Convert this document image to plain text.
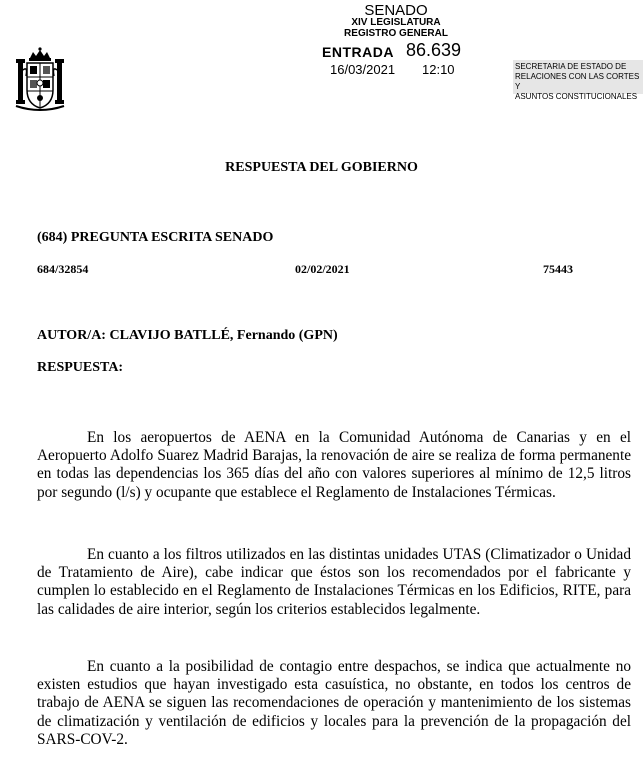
SENADO
XIV LEGISLATURA
REGISTRO GENERAL
ENTRADA 86.639
16/03/2021 12:10	SECRETARIA DE ESTADO DE
RELACIONES CON LAS CORTES Y
ASUNTOS CONSTITUCIONALES
RESPUESTA DEL GOBIERNO
(684) PREGUNTA ESCRITA SENADO
684/32854	02/02/2021	75443
AUTOR/A: CLAVIJO BATLLÉ, Fernando (GPN)
RESPUESTA:
En los aeropuertos de AENA en la Comunidad Autónoma de Canarias y en el Aeropuerto Adolfo Suarez Madrid Barajas, la renovación de aire se realiza de forma permanente en todas las dependencias los 365 días del año con valores superiores al mínimo de 12,5 litros por segundo (l/s) y ocupante que establece el Reglamento de Instalaciones Térmicas.
En cuanto a los filtros utilizados en las distintas unidades UTAS (Climatizador o Unidad de Tratamiento de Aire), cabe indicar que éstos son los recomendados por el fabricante y cumplen lo establecido en el Reglamento de Instalaciones Térmicas en los Edificios, RITE, para las calidades de aire interior, según los criterios establecidos legalmente.
En cuanto a la posibilidad de contagio entre despachos, se indica que actualmente no existen estudios que hayan investigado esta casuística, no obstante, en todos los centros de trabajo de AENA se siguen las recomendaciones de operación y mantenimiento de los sistemas de climatización y ventilación de edificios y locales para la prevención de la propagación del SARS-COV-2.
